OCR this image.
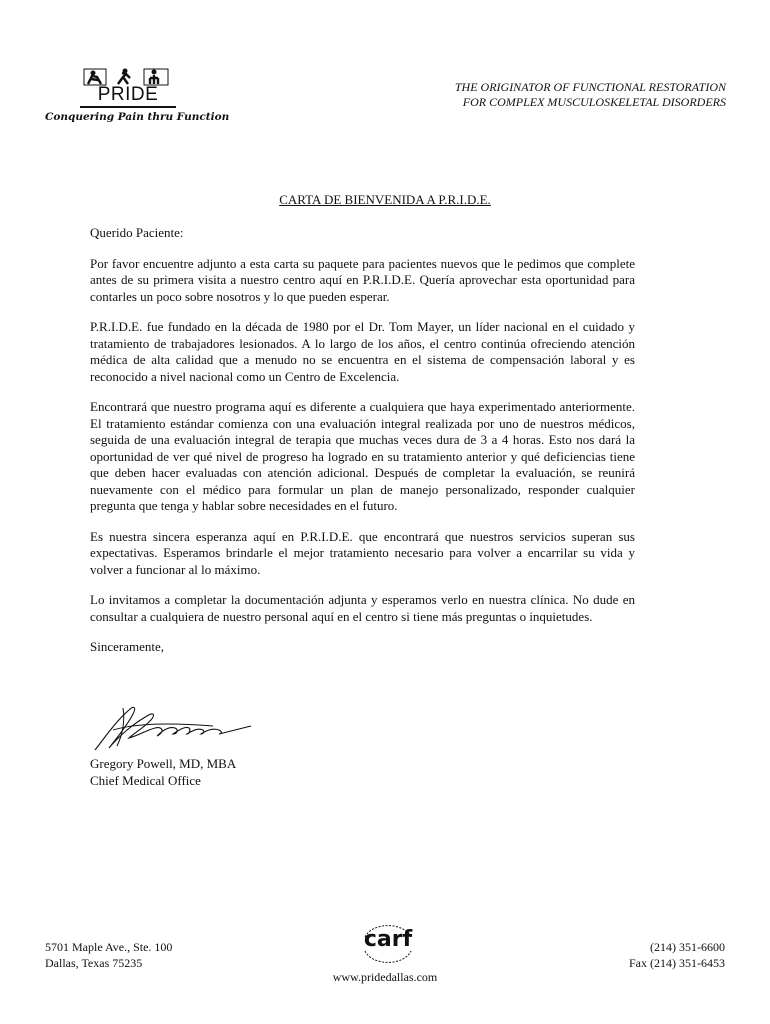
PRIDE
Conquering Pain thru Function
THE ORIGINATOR OF FUNCTIONAL RESTORATION
FOR COMPLEX MUSCULOSKELETAL DISORDERS
CARTA DE BIENVENIDA A P.R.I.D.E.

Querido Paciente:

Por favor encuentre adjunto a esta carta su paquete para pacientes nuevos que le pedimos que complete antes de su primera visita a nuestro centro aquí en P.R.I.D.E. Quería aprovechar esta oportunidad para contarles un poco sobre nosotros y lo que pueden esperar.

P.R.I.D.E. fue fundado en la década de 1980 por el Dr. Tom Mayer, un líder nacional en el cuidado y tratamiento de trabajadores lesionados. A lo largo de los años, el centro continúa ofreciendo atención médica de alta calidad que a menudo no se encuentra en el sistema de compensación laboral y es reconocido a nivel nacional como un Centro de Excelencia.

Encontrará que nuestro programa aquí es diferente a cualquiera que haya experimentado anteriormente. El tratamiento estándar comienza con una evaluación integral realizada por uno de nuestros médicos, seguida de una evaluación integral de terapia que muchas veces dura de 3 a 4 horas. Esto nos dará la oportunidad de ver qué nivel de progreso ha logrado en su tratamiento anterior y qué deficiencias tiene que deben hacer evaluadas con atención adicional. Después de completar la evaluación, se reunirá nuevamente con el médico para formular un plan de manejo personalizado, responder cualquier pregunta que tenga y hablar sobre necesidades en el futuro.

Es nuestra sincera esperanza aquí en P.R.I.D.E. que encontrará que nuestros servicios superan sus expectativas. Esperamos brindarle el mejor tratamiento necesario para volver a encarrilar su vida y volver a funcionar al lo máximo.

Lo invitamos a completar la documentación adjunta y esperamos verlo en nuestra clínica. No dude en consultar a cualquiera de nuestro personal aquí en el centro si tiene más preguntas o inquietudes.

Sinceramente,

Gregory Powell, MD, MBA
Chief Medical Office
5701 Maple Ave., Ste. 100
Dallas, Texas 75235
carf	(214) 351-6600
Fax (214) 351-6453
www.pridedallas.com
